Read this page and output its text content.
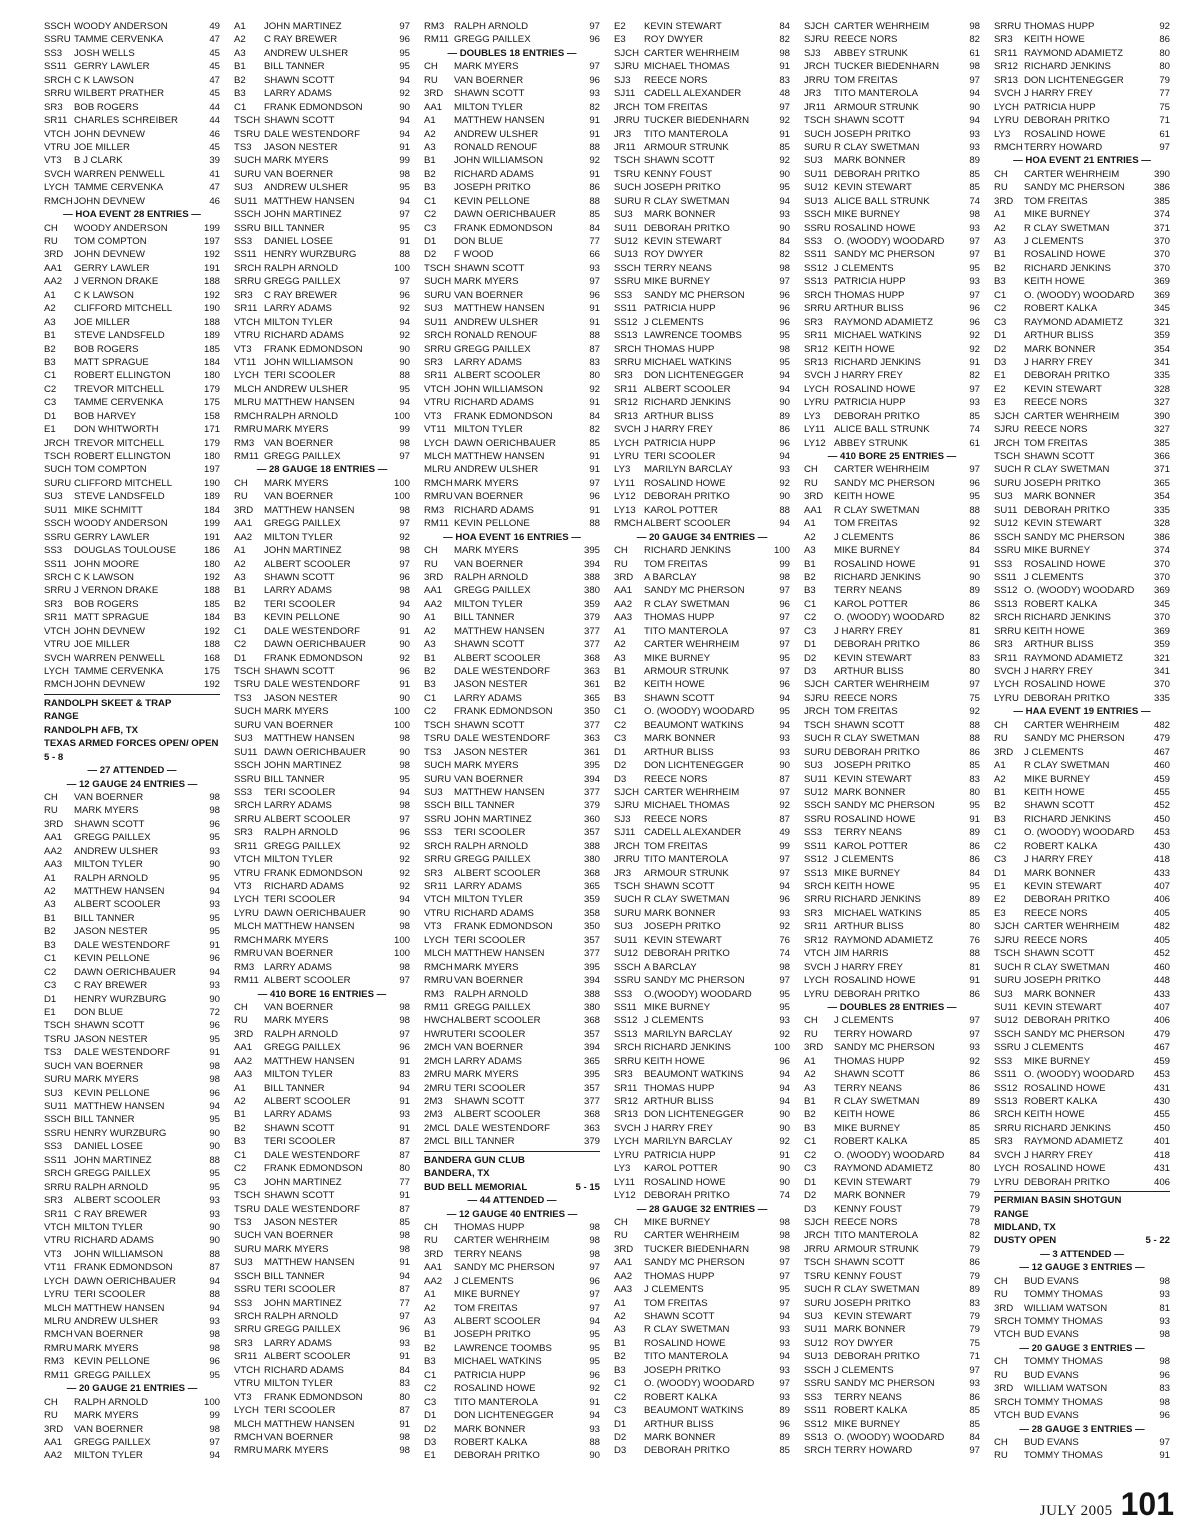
SSCH WOODY ANDERSON	49
SSRU TAMME CERVENKA	47
SS3	JOSH WELLS	45
SS11 GERRY LAWLER	45
SRCH C K LAWSON	47
SRRU WILBERT PRATHER	45
SR3	BOB ROGERS	44
SR11 CHARLES SCHREIBER	44
VTCH JOHN DEVNEW	46
VTRU JOE MILLER	45
VT3	B J CLARK	39
SVCH WARREN PENWELL	41
LYCH TAMME CERVENKA	47
RMCH JOHN DEVNEW	46
— HOA EVENT 28 ENTRIES —
CH	WOODY ANDERSON	199
RU	TOM COMPTON	197
3RD	JOHN DEVNEW	192
AA1	GERRY LAWLER	191
AA2	J VERNON DRAKE	188
A1	C K LAWSON	192
A2	CLIFFORD MITCHELL	190
A3	JOE MILLER	188
B1	STEVE LANDSFELD	189
B2	BOB ROGERS	185
B3	MATT SPRAGUE	184
C1	ROBERT ELLINGTON	180
C2	TREVOR MITCHELL	179
C3	TAMME CERVENKA	175
D1	BOB HARVEY	158
E1	DON WHITWORTH	171
JRCH TREVOR MITCHELL	179
TSCH ROBERT ELLINGTON	180
SUCH TOM COMPTON	197
SURU CLIFFORD MITCHELL	190
SU3	STEVE LANDSFELD	189
SU11 MIKE SCHMITT	184
SSCH WOODY ANDERSON	199
SSRU GERRY LAWLER	191
SS3	DOUGLAS TOULOUSE	186
SS11 JOHN MOORE	180
SRCH C K LAWSON	192
SRRU J VERNON DRAKE	188
SR3	BOB ROGERS	185
SR11 MATT SPRAGUE	184
VTCH JOHN DEVNEW	192
VTRU JOE MILLER	188
SVCH WARREN PENWELL	168
LYCH TAMME CERVENKA	175
RMCH JOHN DEVNEW	192
RANDOLPH SKEET & TRAP
RANGE
RANDOLPH AFB, TX
TEXAS ARMED FORCES OPEN/ OPEN
5 - 8
— 27 ATTENDED —
— 12 GAUGE 24 ENTRIES —
CH	VAN BOERNER	98
RU	MARK MYERS	98
3RD	SHAWN SCOTT	96
AA1	GREGG PAILLEX	95
AA2	ANDREW ULSHER	93
AA3	MILTON TYLER	90
A1	RALPH ARNOLD	95
A2	MATTHEW HANSEN	94
A3	ALBERT SCOOLER	93
B1	BILL TANNER	95
B2	JASON NESTER	95
B3	DALE WESTENDORF	91
C1	KEVIN PELLONE	96
C2	DAWN OERICHBAUER	94
C3	C RAY BREWER	93
D1	HENRY WURZBURG	90
E1	DON BLUE	72
TSCH SHAWN SCOTT	96
TSRU JASON NESTER	95
TS3	DALE WESTENDORF	91
SUCH VAN BOERNER	98
SURU MARK MYERS	98
SU3	KEVIN PELLONE	96
SU11 MATTHEW HANSEN	94
SSCH BILL TANNER	95
SSRU HENRY WURZBURG	90
SS3	DANIEL LOSEE	90
SS11 JOHN MARTINEZ	88
SRCH GREGG PAILLEX	95
SRRU RALPH ARNOLD	95
SR3	ALBERT SCOOLER	93
SR11 C RAY BREWER	93
VTCH MILTON TYLER	90
VTRU RICHARD ADAMS	90
VT3	JOHN WILLIAMSON	88
VT11 FRANK EDMONDSON	87
LYCH DAWN OERICHBAUER	94
LYRU TERI SCOOLER	88
MLCH MATTHEW HANSEN	94
MLRU ANDREW ULSHER	93
RMCH VAN BOERNER	98
RMRU MARK MYERS	98
RM3	KEVIN PELLONE	96
RM11 GREGG PAILLEX	95
— 20 GAUGE 21 ENTRIES —
CH	RALPH ARNOLD	100
RU	MARK MYERS	99
3RD	VAN BOERNER	98
AA1	GREGG PAILLEX	97
AA2	MILTON TYLER	94
A1	JOHN MARTINEZ	97
A2	C RAY BREWER	96
A3	ANDREW ULSHER	95
B1	BILL TANNER	95
B2	SHAWN SCOTT	94
B3	LARRY ADAMS	92
C1	FRANK EDMONDSON	90
TSCH SHAWN SCOTT	94
TSRU DALE WESTENDORF	94
TS3	JASON NESTER	91
SUCH MARK MYERS	99
SURU VAN BOERNER	98
SU3	ANDREW ULSHER	95
SU11 MATTHEW HANSEN	94
SSCH JOHN MARTINEZ	97
SSRU BILL TANNER	95
SS3	DANIEL LOSEE	91
SS11 HENRY WURZBURG	88
SRCH RALPH ARNOLD	100
SRRU GREGG PAILLEX	97
SR3	C RAY BREWER	96
SR11 LARRY ADAMS	92
VTCH MILTON TYLER	94
VTRU RICHARD ADAMS	92
VT3	FRANK EDMONDSON	90
VT11 JOHN WILLIAMSON	90
LYCH TERI SCOOLER	88
MLCH ANDREW ULSHER	95
MLRU MATTHEW HANSEN	94
RMCH RALPH ARNOLD	100
RMRU MARK MYERS	99
RM3	VAN BOERNER	98
RM11 GREGG PAILLEX	97
— 28 GAUGE 18 ENTRIES —
CH	MARK MYERS	100
RU	VAN BOERNER	100
3RD	MATTHEW HANSEN	98
AA1	GREGG PAILLEX	97
AA2	MILTON TYLER	92
A1	JOHN MARTINEZ	98
A2	ALBERT SCOOLER	97
A3	SHAWN SCOTT	96
B1	LARRY ADAMS	98
B2	TERI SCOOLER	94
B3	KEVIN PELLONE	90
C1	DALE WESTENDORF	91
C2	DAWN OERICHBAUER	90
D1	FRANK EDMONDSON	92
TSCH SHAWN SCOTT	96
TSRU DALE WESTENDORF	91
TS3	JASON NESTER	90
SUCH MARK MYERS	100
SURU VAN BOERNER	100
SU3	MATTHEW HANSEN	98
SU11 DAWN OERICHBAUER	90
SSCH JOHN MARTINEZ	98
SSRU BILL TANNER	95
SS3	TERI SCOOLER	94
SRCH LARRY ADAMS	98
SRRU ALBERT SCOOLER	97
SR3	RALPH ARNOLD	96
SR11 GREGG PAILLEX	92
VTCH MILTON TYLER	92
VTRU FRANK EDMONDSON	92
VT3	RICHARD ADAMS	92
LYCH TERI SCOOLER	94
LYRU DAWN OERICHBAUER	90
MLCH MATTHEW HANSEN	98
RMCH MARK MYERS	100
RMRU VAN BOERNER	100
RM3	LARRY ADAMS	98
RM11 ALBERT SCOOLER	97
— 410 BORE 16 ENTRIES —
CH	VAN BOERNER	98
RU	MARK MYERS	98
3RD	RALPH ARNOLD	97
AA1	GREGG PAILLEX	96
AA2	MATTHEW HANSEN	91
AA3	MILTON TYLER	83
A1	BILL TANNER	94
A2	ALBERT SCOOLER	91
B1	LARRY ADAMS	93
B2	SHAWN SCOTT	91
B3	TERI SCOOLER	87
C1	DALE WESTENDORF	87
C2	FRANK EDMONDSON	80
C3	JOHN MARTINEZ	77
TSCH SHAWN SCOTT	91
TSRU DALE WESTENDORF	87
TS3	JASON NESTER	85
SUCH VAN BOERNER	98
SURU MARK MYERS	98
SU3	MATTHEW HANSEN	91
SSCH BILL TANNER	94
SSRU TERI SCOOLER	87
SS3	JOHN MARTINEZ	77
SRCH RALPH ARNOLD	97
SRRU GREGG PAILLEX	96
SR3	LARRY ADAMS	93
SR11 ALBERT SCOOLER	91
VTCH RICHARD ADAMS	84
VTRU MILTON TYLER	83
VT3	FRANK EDMONDSON	80
LYCH TERI SCOOLER	87
MLCH MATTHEW HANSEN	91
RMCH VAN BOERNER	98
RMRU MARK MYERS	98
RM3	RALPH ARNOLD	97
RM11 GREGG PAILLEX	96
— DOUBLES 18 ENTRIES —
CH	MARK MYERS	97
RU	VAN BOERNER	96
3RD	SHAWN SCOTT	93
AA1	MILTON TYLER	82
A1	MATTHEW HANSEN	91
A2	ANDREW ULSHER	91
A3	RONALD RENOUF	88
B1	JOHN WILLIAMSON	92
B2	RICHARD ADAMS	91
B3	JOSEPH PRITKO	86
C1	KEVIN PELLONE	88
C2	DAWN OERICHBAUER	85
C3	FRANK EDMONDSON	84
D1	DON BLUE	77
D2	F WOOD	66
TSCH SHAWN SCOTT	93
SUCH MARK MYERS	97
SURU VAN BOERNER	96
SU3	MATTHEW HANSEN	91
SU11 ANDREW ULSHER	91
SRCH RONALD RENOUF	88
SRRU GREGG PAILLEX	87
SR3	LARRY ADAMS	83
SR11 ALBERT SCOOLER	80
VTCH JOHN WILLIAMSON	92
VTRU RICHARD ADAMS	91
VT3	FRANK EDMONDSON	84
VT11 MILTON TYLER	82
LYCH DAWN OERICHBAUER	85
MLCH MATTHEW HANSEN	91
MLRU ANDREW ULSHER	91
RMCH MARK MYERS	97
RMRU VAN BOERNER	96
RM3	RICHARD ADAMS	91
RM11 KEVIN PELLONE	88
— HOA EVENT 16 ENTRIES —
CH	MARK MYERS	395
RU	VAN BOERNER	394
3RD	RALPH ARNOLD	388
AA1	GREGG PAILLEX	380
AA2	MILTON TYLER	359
A1	BILL TANNER	379
A2	MATTHEW HANSEN	377
A3	SHAWN SCOTT	377
B1	ALBERT SCOOLER	368
B2	DALE WESTENDORF	363
B3	JASON NESTER	361
C1	LARRY ADAMS	365
C2	FRANK EDMONDSON	350
TSCH SHAWN SCOTT	377
TSRU DALE WESTENDORF	363
TS3	JASON NESTER	361
SUCH MARK MYERS	395
SURU VAN BOERNER	394
SU3	MATTHEW HANSEN	377
SSCH BILL TANNER	379
SSRU JOHN MARTINEZ	360
SS3	TERI SCOOLER	357
SRCH RALPH ARNOLD	388
SRRU GREGG PAILLEX	380
SR3	ALBERT SCOOLER	368
SR11 LARRY ADAMS	365
VTCH MILTON TYLER	359
VTRU RICHARD ADAMS	358
VT3	FRANK EDMONDSON	350
LYCH TERI SCOOLER	357
MLCH MATTHEW HANSEN	377
RMCH MARK MYERS	395
RMRU VAN BOERNER	394
RM3	RALPH ARNOLD	388
RM11 GREGG PAILLEX	380
HWCH ALBERT SCOOLER	368
HWRU TERI SCOOLER	357
2MCH VAN BOERNER	394
2MCH LARRY ADAMS	365
2MRU MARK MYERS	395
2MRU TERI SCOOLER	357
2M3	SHAWN SCOTT	377
2M3	ALBERT SCOOLER	368
2MCL DALE WESTENDORF	363
2MCL BILL TANNER	379
BANDERA GUN CLUB
BANDERA, TX
BUD BELL MEMORIAL	5 - 15
— 44 ATTENDED —
— 12 GAUGE 40 ENTRIES —
CH	THOMAS HUPP	98
RU	CARTER WEHRHEIM	98
3RD	TERRY NEANS	98
AA1	SANDY MC PHERSON	97
AA2	J CLEMENTS	96
A1	MIKE BURNEY	97
A2	TOM FREITAS	97
A3	ALBERT SCOOLER	94
B1	JOSEPH PRITKO	95
B2	LAWRENCE TOOMBS	95
B3	MICHAEL WATKINS	95
C1	PATRICIA HUPP	96
C2	ROSALIND HOWE	92
C3	TITO MANTEROLA	91
D1	DON LICHTENEGGER	94
D2	MARK BONNER	93
D3	ROBERT KALKA	88
E1	DEBORAH PRITKO	90
E2	KEVIN STEWART	84
E3	ROY DWYER	82
SJCH CARTER WEHRHEIM	98
SJRU MICHAEL THOMAS	91
SJ3	REECE NORS	83
SJ11 CADELL ALEXANDER	48
JRCH TOM FREITAS	97
JRRU TUCKER BIEDENHARN	92
JR3	TITO MANTEROLA	91
JR11 ARMOUR STRUNK	85
TSCH SHAWN SCOTT	92
TSRU KENNY FOUST	90
SUCH JOSEPH PRITKO	95
SURU R CLAY SWETMAN	94
SU3	MARK BONNER	93
SU11 DEBORAH PRITKO	90
SU12 KEVIN STEWART	84
SU13 ROY DWYER	82
SSCH TERRY NEANS	98
SSRU MIKE BURNEY	97
SS3	SANDY MC PHERSON	96
SS11 PATRICIA HUPP	96
SS12 J CLEMENTS	96
SS13 LAWRENCE TOOMBS	95
SRCH THOMAS HUPP	98
SRRU MICHAEL WATKINS	95
SR3	DON LICHTENEGGER	94
SR11 ALBERT SCOOLER	94
SR12 RICHARD JENKINS	90
SR13 ARTHUR BLISS	89
SVCH J HARRY FREY	86
LYCH PATRICIA HUPP	96
LYRU TERI SCOOLER	94
LY3	MARILYN BARCLAY	93
LY11 ROSALIND HOWE	92
LY12 DEBORAH PRITKO	90
LY13 KAROL POTTER	88
RMCH ALBERT SCOOLER	94
— 20 GAUGE 34 ENTRIES —
CH	RICHARD JENKINS	100
RU	TOM FREITAS	99
3RD	A BARCLAY	98
AA1	SANDY MC PHERSON	97
AA2	R CLAY SWETMAN	96
AA3	THOMAS HUPP	97
A1	TITO MANTEROLA	97
A2	CARTER WEHRHEIM	97
A3	MIKE BURNEY	95
B1	ARMOUR STRUNK	97
B2	KEITH HOWE	96
B3	SHAWN SCOTT	94
C1	O. (WOODY) WOODARD	95
C2	BEAUMONT WATKINS	94
C3	MARK BONNER	93
D1	ARTHUR BLISS	93
D2	DON LICHTENEGGER	90
D3	REECE NORS	87
SJCH CARTER WEHRHEIM	97
SJRU MICHAEL THOMAS	92
SJ3	REECE NORS	87
SJ11 CADELL ALEXANDER	49
JRCH TOM FREITAS	99
JRRU TITO MANTEROLA	97
JR3	ARMOUR STRUNK	97
TSCH SHAWN SCOTT	94
SUCH R CLAY SWETMAN	96
SURU MARK BONNER	93
SU3	JOSEPH PRITKO	92
SU11 KEVIN STEWART	76
SU12 DEBORAH PRITKO	74
SSCH A BARCLAY	98
SSRU SANDY MC PHERSON	97
SS3	O.(WOODY) WOODARD	95
SS11 MIKE BURNEY	95
SS12 J CLEMENTS	93
SS13 MARILYN BARCLAY	92
SRCH RICHARD JENKINS	100
SRRU KEITH HOWE	96
SR3	BEAUMONT WATKINS	94
SR11 THOMAS HUPP	94
SR12 ARTHUR BLISS	94
SR13 DON LICHTENEGGER	90
SVCH J HARRY FREY	90
LYCH MARILYN BARCLAY	92
LYRU PATRICIA HUPP	91
LY3	KAROL POTTER	90
LY11 ROSALIND HOWE	90
LY12 DEBORAH PRITKO	74
— 28 GAUGE 32 ENTRIES —
CH	MIKE BURNEY	98
RU	CARTER WEHRHEIM	98
3RD	TUCKER BIEDENHARN	98
AA1	SANDY MC PHERSON	97
AA2	THOMAS HUPP	97
AA3	J CLEMENTS	95
A1	TOM FREITAS	97
A2	SHAWN SCOTT	94
A3	R CLAY SWETMAN	93
B1	ROSALIND HOWE	93
B2	TITO MANTEROLA	94
B3	JOSEPH PRITKO	93
C1	O. (WOODY) WOODARD	97
C2	ROBERT KALKA	93
C3	BEAUMONT WATKINS	89
D1	ARTHUR BLISS	96
D2	MARK BONNER	89
D3	DEBORAH PRITKO	85
SJCH CARTER WEHRHEIM	98
SJRU REECE NORS	82
SJ3	ABBEY STRUNK	61
JRCH TUCKER BIEDENHARN	98
JRRU TOM FREITAS	97
JR3	TITO MANTEROLA	94
JR11 ARMOUR STRUNK	90
TSCH SHAWN SCOTT	94
SUCH JOSEPH PRITKO	93
SURU R CLAY SWETMAN	93
SU3	MARK BONNER	89
SU11 DEBORAH PRITKO	85
SU12 KEVIN STEWART	85
SU13 ALICE BALL STRUNK	74
SSCH MIKE BURNEY	98
SSRU ROSALIND HOWE	93
SS3	O. (WOODY) WOODARD	97
SS11 SANDY MC PHERSON	97
SS12 J CLEMENTS	95
SS13 PATRICIA HUPP	93
SRCH THOMAS HUPP	97
SRRU ARTHUR BLISS	96
SR3	RAYMOND ADAMIETZ	96
SR11 MICHAEL WATKINS	92
SR12 KEITH HOWE	92
SR13 RICHARD JENKINS	91
SVCH J HARRY FREY	82
LYCH ROSALIND HOWE	97
LYRU PATRICIA HUPP	93
LY3	DEBORAH PRITKO	85
LY11 ALICE BALL STRUNK	74
LY12 ABBEY STRUNK	61
— 410 BORE 25 ENTRIES —
CH	CARTER WEHRHEIM	97
RU	SANDY MC PHERSON	96
3RD	KEITH HOWE	95
AA1	R CLAY SWETMAN	88
A1	TOM FREITAS	92
A2	J CLEMENTS	86
A3	MIKE BURNEY	84
B1	ROSALIND HOWE	91
B2	RICHARD JENKINS	90
B3	TERRY NEANS	89
C1	KAROL POTTER	86
C2	O. (WOODY) WOODARD	82
C3	J HARRY FREY	81
D1	DEBORAH PRITKO	86
D2	KEVIN STEWART	83
D3	ARTHUR BLISS	80
SJCH CARTER WEHRHEIM	97
SJRU REECE NORS	75
JRCH TOM FREITAS	92
TSCH SHAWN SCOTT	88
SUCH R CLAY SWETMAN	88
SURU DEBORAH PRITKO	86
SU3	JOSEPH PRITKO	85
SU11 KEVIN STEWART	83
SU12 MARK BONNER	80
SSCH SANDY MC PHERSON	95
SSRU ROSALIND HOWE	91
SS3	TERRY NEANS	89
SS11 KAROL POTTER	86
SS12 J CLEMENTS	86
SS13 MIKE BURNEY	84
SRCH KEITH HOWE	95
SRRU RICHARD JENKINS	89
SR3	MICHAEL WATKINS	85
SR11 ARTHUR BLISS	80
SR12 RAYMOND ADAMIETZ	76
VTCH JIM HARRIS	88
SVCH J HARRY FREY	81
LYCH ROSALIND HOWE	91
LYRU DEBORAH PRITKO	86
— DOUBLES 28 ENTRIES —
CH	J CLEMENTS	97
RU	TERRY HOWARD	97
3RD	SANDY MC PHERSON	93
A1	THOMAS HUPP	92
A2	SHAWN SCOTT	86
A3	TERRY NEANS	86
B1	R CLAY SWETMAN	89
B2	KEITH HOWE	86
B3	MIKE BURNEY	85
C1	ROBERT KALKA	85
C2	O. (WOODY) WOODARD	84
C3	RAYMOND ADAMIETZ	80
D1	KEVIN STEWART	79
D2	MARK BONNER	79
D3	KENNY FOUST	79
SJCH REECE NORS	78
JRCH TITO MANTEROLA	82
JRRU ARMOUR STRUNK	79
TSCH SHAWN SCOTT	86
TSRU KENNY FOUST	79
SUCH R CLAY SWETMAN	89
SURU JOSEPH PRITKO	83
SU3	KEVIN STEWART	79
SU11 MARK BONNER	79
SU12 ROY DWYER	75
SU13 DEBORAH PRITKO	71
SSCH J CLEMENTS	97
SSRU SANDY MC PHERSON	93
SS3	TERRY NEANS	86
SS11 ROBERT KALKA	85
SS12 MIKE BURNEY	85
SS13 O. (WOODY) WOODARD	84
SRCH TERRY HOWARD	97
SRRU THOMAS HUPP	92
SR3	KEITH HOWE	86
SR11 RAYMOND ADAMIETZ	80
SR12 RICHARD JENKINS	80
SR13 DON LICHTENEGGER	79
SVCH J HARRY FREY	77
LYCH PATRICIA HUPP	75
LYRU DEBORAH PRITKO	71
LY3	ROSALIND HOWE	61
RMCH TERRY HOWARD	97
— HOA EVENT 21 ENTRIES —
CH	CARTER WEHRHEIM	390
RU	SANDY MC PHERSON	386
3RD	TOM FREITAS	385
A1	MIKE BURNEY	374
A2	R CLAY SWETMAN	371
A3	J CLEMENTS	370
B1	ROSALIND HOWE	370
B2	RICHARD JENKINS	370
B3	KEITH HOWE	369
C1	O. (WOODY) WOODARD	369
C2	ROBERT KALKA	345
C3	RAYMOND ADAMIETZ	321
D1	ARTHUR BLISS	359
D2	MARK BONNER	354
D3	J HARRY FREY	341
E1	DEBORAH PRITKO	335
E2	KEVIN STEWART	328
E3	REECE NORS	327
SJCH CARTER WEHRHEIM	390
SJRU REECE NORS	327
JRCH TOM FREITAS	385
TSCH SHAWN SCOTT	366
SUCH R CLAY SWETMAN	371
SURU JOSEPH PRITKO	365
SU3	MARK BONNER	354
SU11 DEBORAH PRITKO	335
SU12 KEVIN STEWART	328
SSCH SANDY MC PHERSON	386
SSRU MIKE BURNEY	374
SS3	ROSALIND HOWE	370
SS11 J CLEMENTS	370
SS12 O. (WOODY) WOODARD	369
SS13 ROBERT KALKA	345
SRCH RICHARD JENKINS	370
SRRU KEITH HOWE	369
SR3	ARTHUR BLISS	359
SR11 RAYMOND ADAMIETZ	321
SVCH J HARRY FREY	341
LYCH ROSALIND HOWE	370
LYRU DEBORAH PRITKO	335
— HAA EVENT 19 ENTRIES —
CH	CARTER WEHRHEIM	482
RU	SANDY MC PHERSON	479
3RD	J CLEMENTS	467
A1	R CLAY SWETMAN	460
A2	MIKE BURNEY	459
B1	KEITH HOWE	455
B2	SHAWN SCOTT	452
B3	RICHARD JENKINS	450
C1	O. (WOODY) WOODARD	453
C2	ROBERT KALKA	430
C3	J HARRY FREY	418
D1	MARK BONNER	433
E1	KEVIN STEWART	407
E2	DEBORAH PRITKO	406
E3	REECE NORS	405
SJCH CARTER WEHRHEIM	482
SJRU REECE NORS	405
TSCH SHAWN SCOTT	452
SUCH R CLAY SWETMAN	460
SURU JOSEPH PRITKO	448
SU3	MARK BONNER	433
SU11 KEVIN STEWART	407
SU12 DEBORAH PRITKO	406
SSCH SANDY MC PHERSON	479
SSRU J CLEMENTS	467
SS3	MIKE BURNEY	459
SS11 O. (WOODY) WOODARD	453
SS12 ROSALIND HOWE	431
SS13 ROBERT KALKA	430
SRCH KEITH HOWE	455
SRRU RICHARD JENKINS	450
SR3	RAYMOND ADAMIETZ	401
SVCH J HARRY FREY	418
LYCH ROSALIND HOWE	431
LYRU DEBORAH PRITKO	406
PERMIAN BASIN SHOTGUN
RANGE
MIDLAND, TX
DUSTY OPEN	5 - 22
— 3 ATTENDED —
— 12 GAUGE 3 ENTRIES —
CH	BUD EVANS	98
RU	TOMMY THOMAS	93
3RD	WILLIAM WATSON	81
SRCH TOMMY THOMAS	93
VTCH BUD EVANS	98
— 20 GAUGE 3 ENTRIES —
CH	TOMMY THOMAS	98
RU	BUD EVANS	96
3RD	WILLIAM WATSON	83
SRCH TOMMY THOMAS	98
VTCH BUD EVANS	96
— 28 GAUGE 3 ENTRIES —
CH	BUD EVANS	97
RU	TOMMY THOMAS	91
JULY 2005 101
